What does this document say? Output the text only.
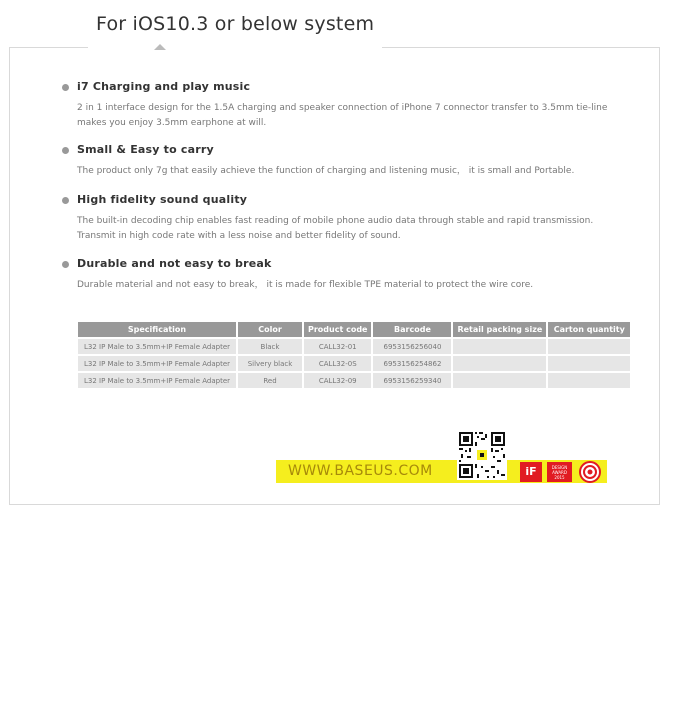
For iOS10.3 or below system
i7 Charging and play music
2 in 1 interface design for the 1.5A charging and speaker connection of iPhone 7 connector transfer to 3.5mm tie-line makes you enjoy 3.5mm earphone at will.
Small & Easy to carry
The product only 7g that easily achieve the function of charging and listening music， it is small and Portable.
High fidelity sound quality
The built-in decoding chip enables fast reading of mobile phone audio data through stable and rapid transmission. Transmit in high code rate with a less noise and better fidelity of sound.
Durable and not easy to break
Durable material and not easy to break， it is made for flexible TPE material to protect the wire core.
Specification	Color	Product code	Barcode	Retail packing size	Carton quantity
L32 IP Male to 3.5mm+IP Female Adapter	Black	CALL32-01	6953156256040		
L32 IP Male to 3.5mm+IP Female Adapter	Silvery black	CALL32-0S	6953156254862		
L32 IP Male to 3.5mm+IP Female Adapter	Red	CALL32-09	6953156259340		
WWW.BASEUS.COM	iF	DESIGN AWARD 2015
